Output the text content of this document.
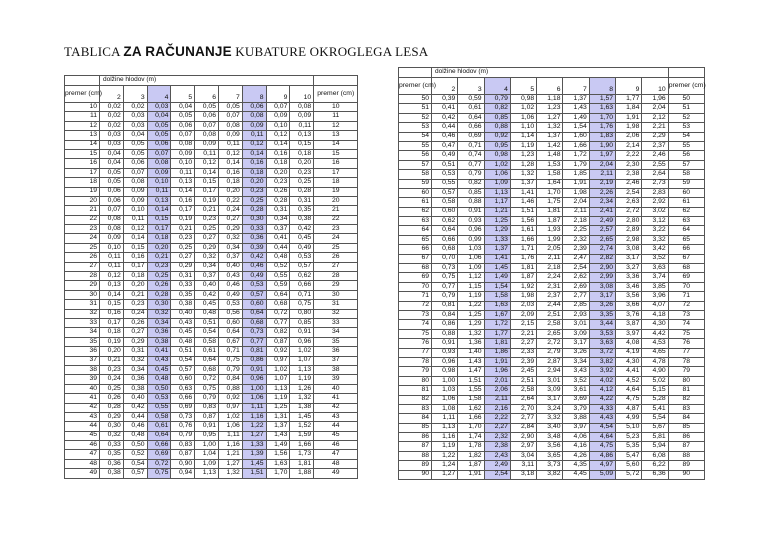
TABLICA ZA RAČUNANJE KUBATURE OKROGLEGA LESA
	dolžine hlodov (m)									
premer (cm)	2	3	4	5	6	7	8	9	10	premer (cm)
10	0,02	0,02	0,03	0,04	0,05	0,05	0,06	0,07	0,08	10
11	0,02	0,03	0,04	0,05	0,06	0,07	0,08	0,09	0,09	11
12	0,02	0,03	0,05	0,06	0,07	0,08	0,09	0,10	0,11	12
13	0,03	0,04	0,05	0,07	0,08	0,09	0,11	0,12	0,13	13
14	0,03	0,05	0,06	0,08	0,09	0,11	0,12	0,14	0,15	14
15	0,04	0,05	0,07	0,09	0,11	0,12	0,14	0,16	0,18	15
16	0,04	0,06	0,08	0,10	0,12	0,14	0,16	0,18	0,20	16
17	0,05	0,07	0,09	0,11	0,14	0,16	0,18	0,20	0,23	17
18	0,05	0,08	0,10	0,13	0,15	0,18	0,20	0,23	0,25	18
19	0,06	0,09	0,11	0,14	0,17	0,20	0,23	0,26	0,28	19
20	0,06	0,09	0,13	0,16	0,19	0,22	0,25	0,28	0,31	20
21	0,07	0,10	0,14	0,17	0,21	0,24	0,28	0,31	0,35	21
22	0,08	0,11	0,15	0,19	0,23	0,27	0,30	0,34	0,38	22
23	0,08	0,12	0,17	0,21	0,25	0,29	0,33	0,37	0,42	23
24	0,09	0,14	0,18	0,23	0,27	0,32	0,36	0,41	0,45	24
25	0,10	0,15	0,20	0,25	0,29	0,34	0,39	0,44	0,49	25
26	0,11	0,16	0,21	0,27	0,32	0,37	0,42	0,48	0,53	26
27	0,11	0,17	0,23	0,29	0,34	0,40	0,46	0,52	0,57	27
28	0,12	0,18	0,25	0,31	0,37	0,43	0,49	0,55	0,62	28
29	0,13	0,20	0,26	0,33	0,40	0,46	0,53	0,59	0,66	29
30	0,14	0,21	0,28	0,35	0,42	0,49	0,57	0,64	0,71	30
31	0,15	0,23	0,30	0,38	0,45	0,53	0,60	0,68	0,75	31
32	0,16	0,24	0,32	0,40	0,48	0,56	0,64	0,72	0,80	32
33	0,17	0,26	0,34	0,43	0,51	0,60	0,68	0,77	0,85	33
34	0,18	0,27	0,36	0,45	0,54	0,64	0,73	0,82	0,91	34
35	0,19	0,29	0,38	0,48	0,58	0,67	0,77	0,87	0,96	35
36	0,20	0,31	0,41	0,51	0,61	0,71	0,81	0,92	1,02	36
37	0,21	0,32	0,43	0,54	0,64	0,75	0,86	0,97	1,07	37
38	0,23	0,34	0,45	0,57	0,68	0,79	0,91	1,02	1,13	38
39	0,24	0,36	0,48	0,60	0,72	0,84	0,96	1,07	1,19	39
40	0,25	0,38	0,50	0,63	0,75	0,88	1,00	1,13	1,26	40
41	0,26	0,40	0,53	0,66	0,79	0,92	1,06	1,19	1,32	41
42	0,28	0,42	0,55	0,69	0,83	0,97	1,11	1,25	1,38	42
43	0,29	0,44	0,58	0,73	0,87	1,02	1,16	1,31	1,45	43
44	0,30	0,46	0,61	0,76	0,91	1,06	1,22	1,37	1,52	44
45	0,32	0,48	0,64	0,79	0,95	1,11	1,27	1,43	1,59	45
46	0,33	0,50	0,66	0,83	1,00	1,16	1,33	1,49	1,66	46
47	0,35	0,52	0,69	0,87	1,04	1,21	1,39	1,56	1,73	47
48	0,36	0,54	0,72	0,90	1,09	1,27	1,45	1,63	1,81	48
49	0,38	0,57	0,75	0,94	1,13	1,32	1,51	1,70	1,88	49
	dolžine hlodov (m)									
premer (cm)	2	3	4	5	6	7	8	9	10	premer (cm)
50	0,39	0,59	0,79	0,98	1,18	1,37	1,57	1,77	1,96	50
51	0,41	0,61	0,82	1,02	1,23	1,43	1,63	1,84	2,04	51
52	0,42	0,64	0,85	1,06	1,27	1,49	1,70	1,91	2,12	52
53	0,44	0,66	0,88	1,10	1,32	1,54	1,76	1,98	2,21	53
54	0,46	0,69	0,92	1,14	1,37	1,60	1,83	2,06	2,29	54
55	0,47	0,71	0,95	1,19	1,42	1,66	1,90	2,14	2,37	55
56	0,49	0,74	0,98	1,23	1,48	1,72	1,97	2,22	2,46	56
57	0,51	0,77	1,02	1,28	1,53	1,79	2,04	2,30	2,55	57
58	0,53	0,79	1,06	1,32	1,58	1,85	2,11	2,38	2,64	58
59	0,55	0,82	1,09	1,37	1,64	1,91	2,19	2,46	2,73	59
60	0,57	0,85	1,13	1,41	1,70	1,98	2,26	2,54	2,83	60
61	0,58	0,88	1,17	1,46	1,75	2,04	2,34	2,63	2,92	61
62	0,60	0,91	1,21	1,51	1,81	2,11	2,41	2,72	3,02	62
63	0,62	0,93	1,25	1,56	1,87	2,18	2,49	2,80	3,12	63
64	0,64	0,96	1,29	1,61	1,93	2,25	2,57	2,89	3,22	64
65	0,66	0,99	1,33	1,66	1,99	2,32	2,65	2,98	3,32	65
66	0,68	1,03	1,37	1,71	2,05	2,39	2,74	3,08	3,42	66
67	0,70	1,06	1,41	1,76	2,11	2,47	2,82	3,17	3,52	67
68	0,73	1,09	1,45	1,81	2,18	2,54	2,90	3,27	3,63	68
69	0,75	1,12	1,49	1,87	2,24	2,62	2,99	3,36	3,74	69
70	0,77	1,15	1,54	1,92	2,31	2,69	3,08	3,46	3,85	70
71	0,79	1,19	1,58	1,98	2,37	2,77	3,17	3,56	3,96	71
72	0,81	1,22	1,63	2,03	2,44	2,85	3,26	3,66	4,07	72
73	0,84	1,25	1,67	2,09	2,51	2,93	3,35	3,76	4,18	73
74	0,86	1,29	1,72	2,15	2,58	3,01	3,44	3,87	4,30	74
75	0,88	1,32	1,77	2,21	2,65	3,09	3,53	3,97	4,42	75
76	0,91	1,36	1,81	2,27	2,72	3,17	3,63	4,08	4,53	76
77	0,93	1,40	1,86	2,33	2,79	3,26	3,72	4,19	4,65	77
78	0,96	1,43	1,91	2,39	2,87	3,34	3,82	4,30	4,78	78
79	0,98	1,47	1,96	2,45	2,94	3,43	3,92	4,41	4,90	79
80	1,00	1,51	2,01	2,51	3,01	3,52	4,02	4,52	5,02	80
81	1,03	1,55	2,06	2,58	3,09	3,61	4,12	4,64	5,15	81
82	1,06	1,58	2,11	2,64	3,17	3,69	4,22	4,75	5,28	82
83	1,08	1,62	2,16	2,70	3,24	3,79	4,33	4,87	5,41	83
84	1,11	1,66	2,22	2,77	3,32	3,88	4,43	4,99	5,54	84
85	1,13	1,70	2,27	2,84	3,40	3,97	4,54	5,10	5,67	85
86	1,16	1,74	2,32	2,90	3,48	4,06	4,64	5,23	5,81	86
87	1,19	1,78	2,38	2,97	3,56	4,16	4,75	5,35	5,94	87
88	1,22	1,82	2,43	3,04	3,65	4,26	4,86	5,47	6,08	88
89	1,24	1,87	2,49	3,11	3,73	4,35	4,97	5,60	6,22	89
90	1,27	1,91	2,54	3,18	3,82	4,45	5,09	5,72	6,36	90
